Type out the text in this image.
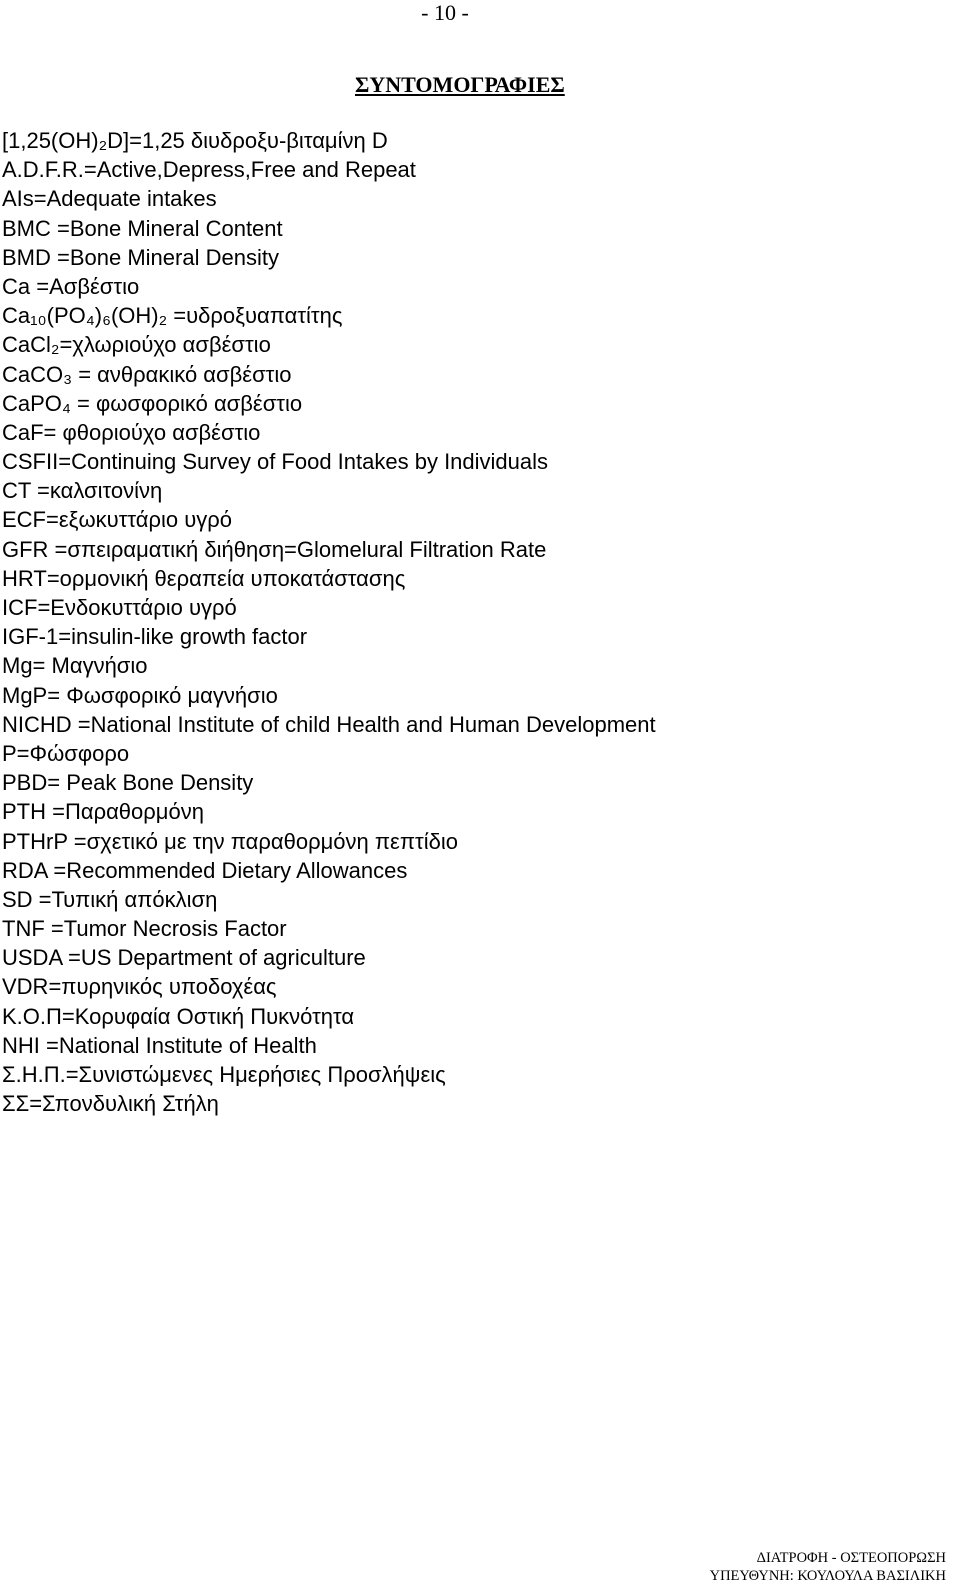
- 10 -
ΣΥΝΤΟΜΟΓΡΑΦΙΕΣ
[1,25(OH)₂D]=1,25 διυδροξυ-βιταμίνη D
A.D.F.R.=Active,Depress,Free and Repeat
AIs=Adequate intakes
BMC =Bone Mineral Content
BMD =Bone Mineral Density
Ca =Ασβέστιο
Ca₁₀(PO₄)₆(OH)₂ =υδροξυαπατίτης
CaCl₂=χλωριούχο ασβέστιο
CaCO₃ = ανθρακικό ασβέστιο
CaPO₄ = φωσφορικό ασβέστιο
CaF= φθοριούχο ασβέστιο
CSFII=Continuing Survey of Food Intakes by Individuals
CT =καλσιτονίνη
ECF=εξωκυττάριο υγρό
GFR =σπειραματική διήθηση=Glomelural Filtration Rate
HRT=ορμονική θεραπεία υποκατάστασης
ICF=Ενδοκυττάριο υγρό
IGF-1=insulin-like growth factor
Mg= Μαγνήσιο
MgP= Φωσφορικό μαγνήσιο
NICHD =National Institute of child Health and Human Development
P=Φώσφορο
PBD= Peak Bone Density
PTH =Παραθορμόνη
PTHrP =σχετικό με την παραθορμόνη πεπτίδιο
RDA =Recommended Dietary Allowances
SD =Τυπική απόκλιση
TNF =Tumor Necrosis Factor
USDA =US Department of agriculture
VDR=πυρηνικός υποδοχέας
Κ.Ο.Π=Κορυφαία Οστική Πυκνότητα
NHI =National Institute of Health
Σ.Η.Π.=Συνιστώμενες Ημερήσιες Προσλήψεις
ΣΣ=Σπονδυλική Στήλη
ΔΙΑΤΡΟΦΗ - ΟΣΤΕΟΠΟΡΩΣΗ
ΥΠΕΥΘΥΝΗ: ΚΟΥΛΟΥΛΑ ΒΑΣΙΛΙΚΗ
